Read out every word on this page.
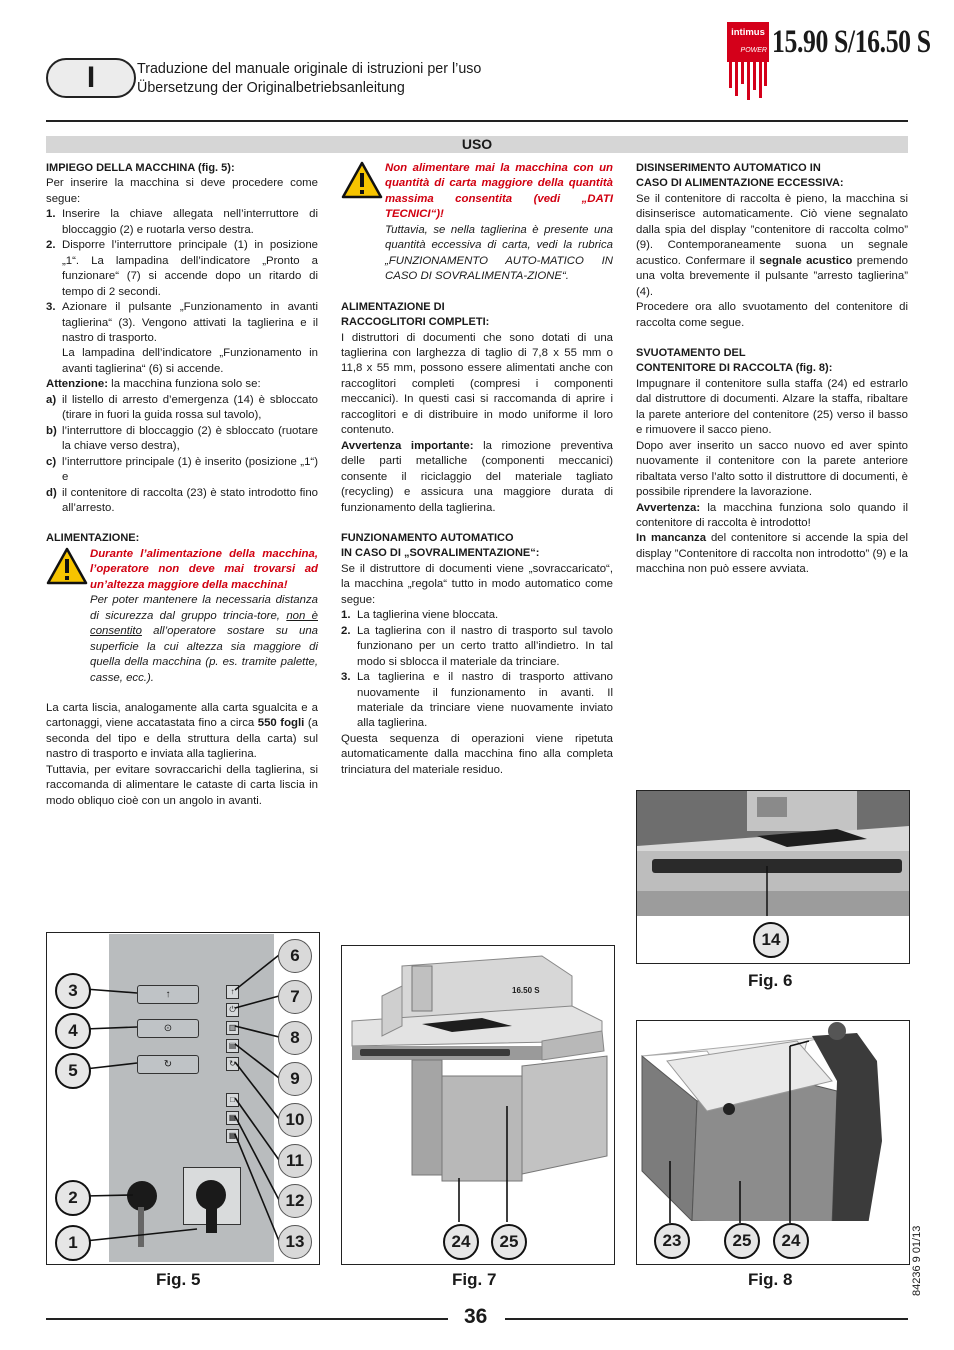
I	Traduzione del manuale originale di istruzioni per l’uso
Übersetzung der Originalbetriebsanleitung
intimus
POWER 15.90 S/16.50 S
USO

IMPIEGO DELLA MACCHINA (fig. 5):

Per inserire la macchina si deve procedere come segue:

1. Inserire la chiave allegata nell’interruttore di bloccaggio (2) e ruotarla verso destra.
2. Disporre l’interruttore principale (1) in posizione „1“. La lampadina dell’indicatore „Pronto a funzionare“ (7) si accende dopo un ritardo di tempo di 2 secondi.
3. Azionare il pulsante „Funzionamento in avanti taglierina“ (3). Vengono attivati la taglierina e il nastro di trasporto.

La lampadina dell’indicatore „Funzionamento in avanti taglierina“ (6) si accende.

Attenzione: la macchina funziona solo se:

a) il listello di arresto d’emergenza (14) è sbloccato (tirare in fuori la guida rossa sul tavolo),
b) l’interruttore di bloccaggio (2) è sbloccato (ruotare la chiave verso destra),
c) l’interruttore principale (1) è inserito (posizione „1“) e
d) il contenitore di raccolta (23) è stato introdotto fino all’arresto.

ALIMENTAZIONE:

Durante l’alimentazione della macchina, l’operatore non deve mai trovarsi ad un’altezza maggiore della macchina!

Per poter mantenere la necessaria distanza di sicurezza dal gruppo trincia-tore, non è consentito all’operatore sostare su una superficie la cui altezza sia maggiore di quella della macchina (p. es. tramite palette, casse, ecc.).

La carta liscia, analogamente alla carta sgualcita e a cartonaggi, viene accatastata fino a circa 550 fogli (a seconda del tipo e della struttura della carta) sul nastro di trasporto e inviata alla taglierina.

Tuttavia, per evitare sovraccarichi della taglierina, si raccomanda di alimentare le cataste di carta liscia in modo obliquo cioè con un angolo in avanti.

Non alimentare mai la macchina con un quantità di carta maggiore della quantità massima consentita (vedi „DATI TECNICI“)!

Tuttavia, se nella taglierina è presente una quantità eccessiva di carta, vedi la rubrica „FUNZIONAMENTO AUTO-MATICO IN CASO DI SOVRALIMENTA-ZIONE“.

ALIMENTAZIONE DI

RACCOGLITORI COMPLETI:

I distruttori di documenti che sono dotati di una taglierina con larghezza di taglio di 7,8 x 55 mm o 11,8 x 55 mm, possono essere alimentati anche con raccoglitori completi (compresi i componenti meccanici). In questi casi si raccomanda di aprire i raccoglitori e di distribuire in modo uniforme il loro contenuto.

Avvertenza importante: la rimozione preventiva delle parti metalliche (componenti meccanici) consente il riciclaggio del materiale tagliato (recycling) e assicura una maggiore durata di funzionamento della taglierina.

FUNZIONAMENTO AUTOMATICO

IN CASO DI „SOVRALIMENTAZIONE“:

Se il distruttore di documenti viene „sovraccaricato“, la macchina „regola“ tutto in modo automatico come segue:

1. La taglierina viene bloccata.
2. La taglierina con il nastro di trasporto sul tavolo funzionano per un certo tratto all’indietro. In tal modo si sblocca il materiale da trinciare.
3. La taglierina e il nastro di trasporto attivano nuovamente il funzionamento in avanti. Il materiale da trinciare viene nuovamente inviato alla taglierina.

Questa sequenza di operazioni viene ripetuta automaticamente dalla macchina fino alla completa trinciatura del materiale residuo.

DISINSERIMENTO AUTOMATICO IN

CASO DI ALIMENTAZIONE ECCESSIVA:

Se il contenitore di raccolta è pieno, la macchina si disinserisce automaticamente. Ciò viene segnalato dalla spia del display ”contenitore di raccolta colmo” (9). Contemporaneamente suona un segnale acustico. Confermare il segnale acustico premendo una volta brevemente il pulsante ”arresto taglierina” (4).

Procedere ora allo svuotamento del contenitore di raccolta come segue.

SVUOTAMENTO DEL

CONTENITORE DI RACCOLTA (fig. 8):

Impugnare il contenitore sulla staffa (24) ed estrarlo dal distruttore di documenti. Alzare la staffa, ribaltare la parete anteriore del contenitore (25) verso il basso e rimuovere il sacco pieno.

Dopo aver inserito un sacco nuovo ed aver spinto nuovamente il contenitore con la parete anteriore ribaltata verso l’alto sotto il distruttore di documenti, è possibile riprendere la lavorazione.

Avvertenza: la macchina funziona solo quando il contenitore di raccolta è introdotto!

In mancanza del contenitore si accende la spia del display ”Contenitore di raccolta non introdotto” (9) e la macchina non può essere avviata.

14
Fig. 6
↑
⊙
↻
↑
⏻
▥
▤
↻
□
▦
▦
3
4
5
2
1
6
7
8
9
10
11
12
13
Fig. 5
16.50 S
24 25
Fig. 7
23	25 24
Fig. 8	84236 9 01/13
36
